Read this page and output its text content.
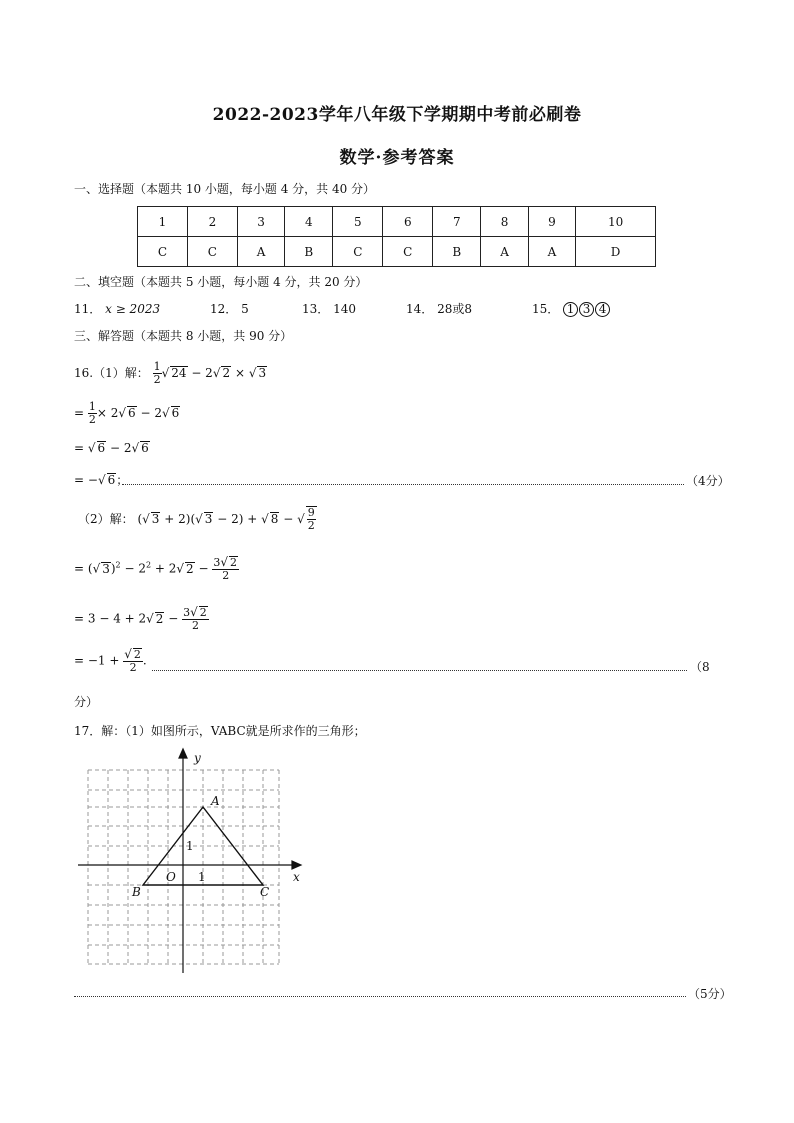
2022-2023学年八年级下学期期中考前必刷卷
数学·参考答案
一、选择题（本题共 10 小题，每小题 4 分，共 40 分）
1	2	3	4	5	6	7	8	9	10
C	C	A	B	C	C	B	A	A	D
二、填空题（本题共 5 小题，每小题 4 分，共 20 分）
11． x ≥ 2023	12． 5	13． 140	14． 28或8	15． 1 3 4
三、解答题（本题共 8 小题，共 90 分）
16.（1）解： $\frac{1}{2}$ √ 24 − 2√ 2 × √ 3
= $\frac{1}{2} \times 2√$ 6 − 2√ 6
= √ 6 − 2√ 6
= −√ 6；	（4分）
（2）解： (√ 3 + 2)(√ 3 − 2) + √ 8 − √ $\frac{9}{2}$
= (√ $3)^2 - 2^2 + 2√$ $2 - \frac{3√ 2}{2}$
= 3 − 4 + 2√ $2 - \frac{3√ 2}{2}$
= $-1 + \frac{√ 2}{2}$ .	（8
分）
17．解：（1）如图所示，VABC就是所求作的三角形；
y
x
A
B	C
O 1
1
（5分）
